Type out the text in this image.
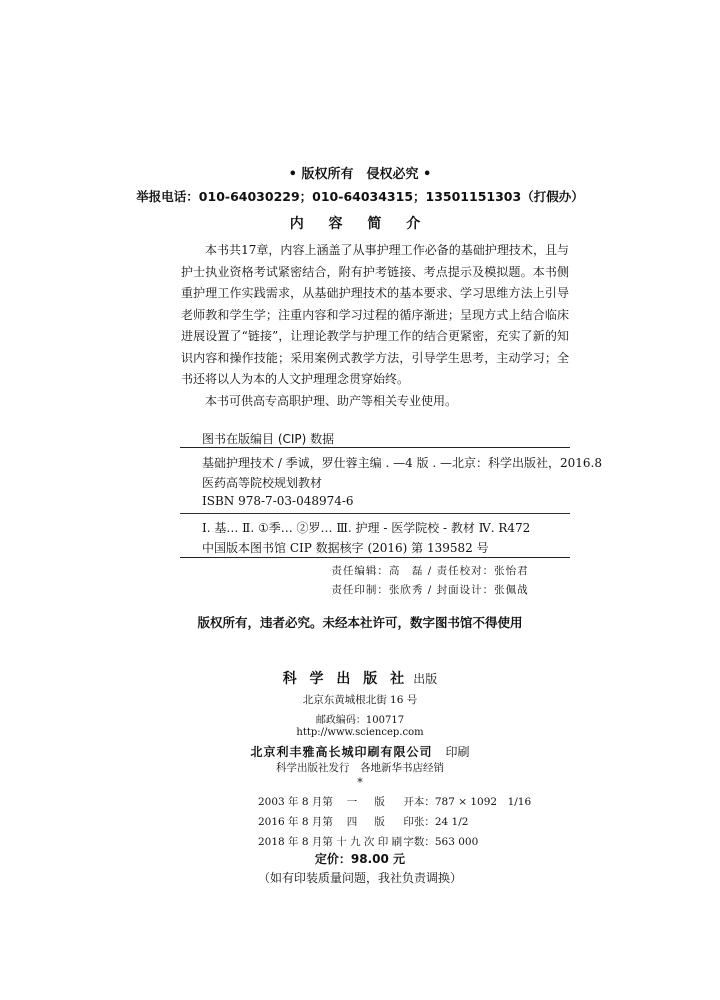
• 版权所有　侵权必究 •
举报电话：010-64030229；010-64034315；13501151303（打假办）
内 容 简 介

本书共17章，内容上涵盖了从事护理工作必备的基础护理技术，且与护士执业资格考试紧密结合，附有护考链接、考点提示及模拟题。本书侧重护理工作实践需求，从基础护理技术的基本要求、学习思维方法上引导老师教和学生学；注重内容和学习过程的循序渐进；呈现方式上结合临床进展设置了“链接”，让理论教学与护理工作的结合更紧密，充实了新的知识内容和操作技能；采用案例式教学方法，引导学生思考，主动学习；全书还将以人为本的人文护理理念贯穿始终。

本书可供高专高职护理、助产等相关专业使用。

图书在版编目 (CIP) 数据
基础护理技术 / 季诚，罗仕蓉主编 . —4 版 . —北京：科学出版社，2016.8
医药高等院校规划教材
ISBN 978-7-03-048974-6
Ⅰ. 基… Ⅱ. ①季… ②罗… Ⅲ. 护理 - 医学院校 - 教材 Ⅳ. R472
中国版本图书馆 CIP 数据核字 (2016) 第 139582 号
责任编辑：高　磊 / 责任校对：张怡君
责任印制：张欣秀 / 封面设计：张佩战
版权所有，违者必究。未经本社许可，数字图书馆不得使用
科 学 出 版 社 出版
北京东黄城根北街 16 号
邮政编码：100717
http://www.sciencep.com
北京利丰雅高长城印刷有限公司 印刷
科学出版社发行　各地新华书店经销
*
2003 年 8 月第　 一 　 版 开本：787 × 1092　1/16
2016 年 8 月第　 四 　 版 印张：24 1/2
2018 年 8 月第 十 九 次 印 刷 字数：563 000
定价：98.00 元
（如有印装质量问题，我社负责调换）
